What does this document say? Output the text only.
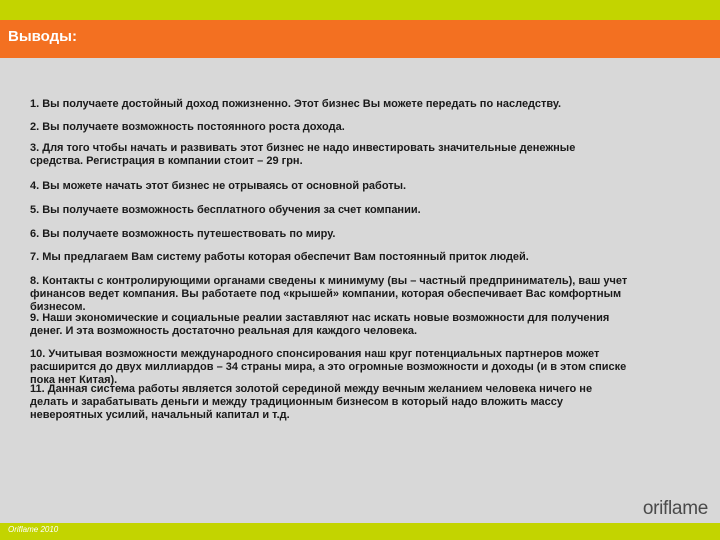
Выводы:

1. Вы получаете достойный доход пожизненно. Этот бизнес Вы можете передать по наследству.

2. Вы получаете возможность постоянного роста дохода.

3. Для того чтобы начать и развивать этот бизнес не надо инвестировать значительные денежные средства. Регистрация в компании стоит – 29 грн.

4. Вы можете начать этот бизнес не отрываясь от основной работы.

5. Вы получаете возможность бесплатного обучения за счет компании.

6. Вы получаете возможность путешествовать по миру.

7. Мы предлагаем Вам систему работы которая обеспечит Вам постоянный приток людей.

8. Контакты с контролирующими органами сведены к минимуму (вы – частный предприниматель), ваш учет финансов ведет компания. Вы работаете под «крышей» компании, которая обеспечивает Вас комфортным бизнесом.

9. Наши экономические и социальные реалии заставляют нас искать новые возможности для получения денег. И эта возможность достаточно реальная для каждого человека.

10. Учитывая возможности международного спонсирования наш круг потенциальных партнеров может расширится до двух миллиардов – 34 страны мира, а это огромные возможности и доходы (и в этом списке пока нет Китая).

11. Данная система работы является золотой серединой между вечным желанием человека ничего не делать и зарабатывать деньги и между традиционным бизнесом в который надо вложить массу невероятных усилий, начальный капитал и т.д.

oriflame
Oriflame 2010
